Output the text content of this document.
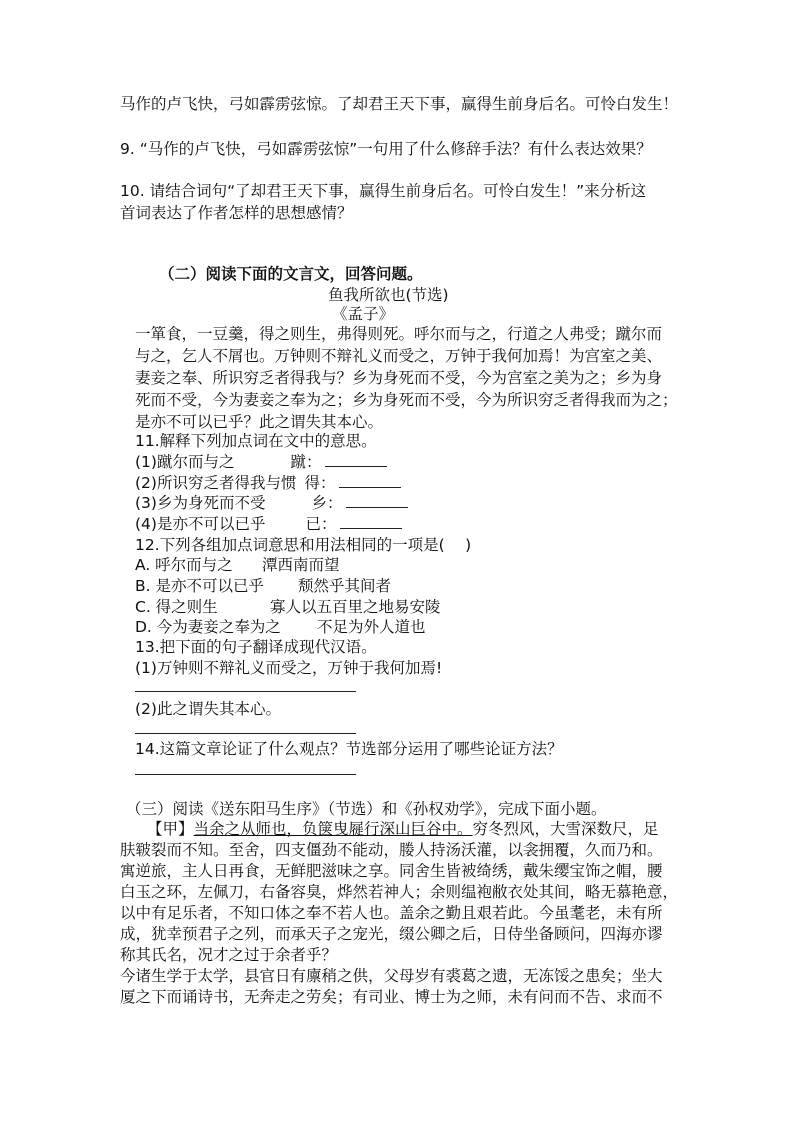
马作的卢飞快，弓如霹雳弦惊。了却君王天下事，赢得生前身后名。可怜白发生！
9. “马作的卢飞快，弓如霹雳弦惊”一句用了什么修辞手法？有什么表达效果？
10. 请结合词句“了却君王天下事，赢得生前身后名。可怜白发生！”来分析这
首词表达了作者怎样的思想感情？
（二）阅读下面的文言文，回答问题。
鱼我所欲也(节选)
《孟子》
一箪食，一豆羹，得之则生，弗得则死。呼尔而与之，行道之人弗受；蹴尔而
与之，乞人不屑也。万钟则不辩礼义而受之，万钟于我何加焉！为宫室之美、
妻妾之奉、所识穷乏者得我与？乡为身死而不受，今为宫室之美为之；乡为身
死而不受，今为妻妾之奉为之；乡为身死而不受，今为所识穷乏者得我而为之；
是亦不可以已乎？此之谓失其本心。
11.解释下列加点词在文中的意思。
(1)蹴尔而与之	蹴：
(2)所识穷乏者得我与惯 得：
(3)乡为身死而不受	乡：
(4)是亦不可以已乎	已：
12.下列各组加点词意思和用法相同的一项是(　 )
A. 呼尔而与之 潭西南而望
B. 是亦不可以已乎 颓然乎其间者
C. 得之则生	寡人以五百里之地易安陵
D. 今为妻妾之奉为之 不足为外人道也
13.把下面的句子翻译成现代汉语。
(1)万钟则不辩礼义而受之，万钟于我何加焉!
(2)此之谓失其本心。
14.这篇文章论证了什么观点？节选部分运用了哪些论证方法？
（三）阅读《送东阳马生序》（节选）和《孙权劝学》，完成下面小题。
【甲】当余之从师也，负箧曳屣行深山巨谷中。穷冬烈风，大雪深数尺，足
肤皲裂而不知。至舍，四支僵劲不能动，媵人持汤沃灌，以衾拥覆，久而乃和。
寓逆旅，主人日再食，无鲜肥滋味之享。同舍生皆被绮绣，戴朱缨宝饰之帽，腰
白玉之环，左佩刀，右备容臭，烨然若神人；余则缊袍敝衣处其间，略无慕艳意，
以中有足乐者，不知口体之奉不若人也。盖余之勤且艰若此。今虽耄老，未有所
成，犹幸预君子之列，而承天子之宠光，缀公卿之后，日侍坐备顾问，四海亦谬
称其氏名，况才之过于余者乎？
今诸生学于太学，县官日有廪稍之供，父母岁有裘葛之遗，无冻馁之患矣；坐大
厦之下而诵诗书，无奔走之劳矣；有司业、博士为之师，未有问而不告、求而不
